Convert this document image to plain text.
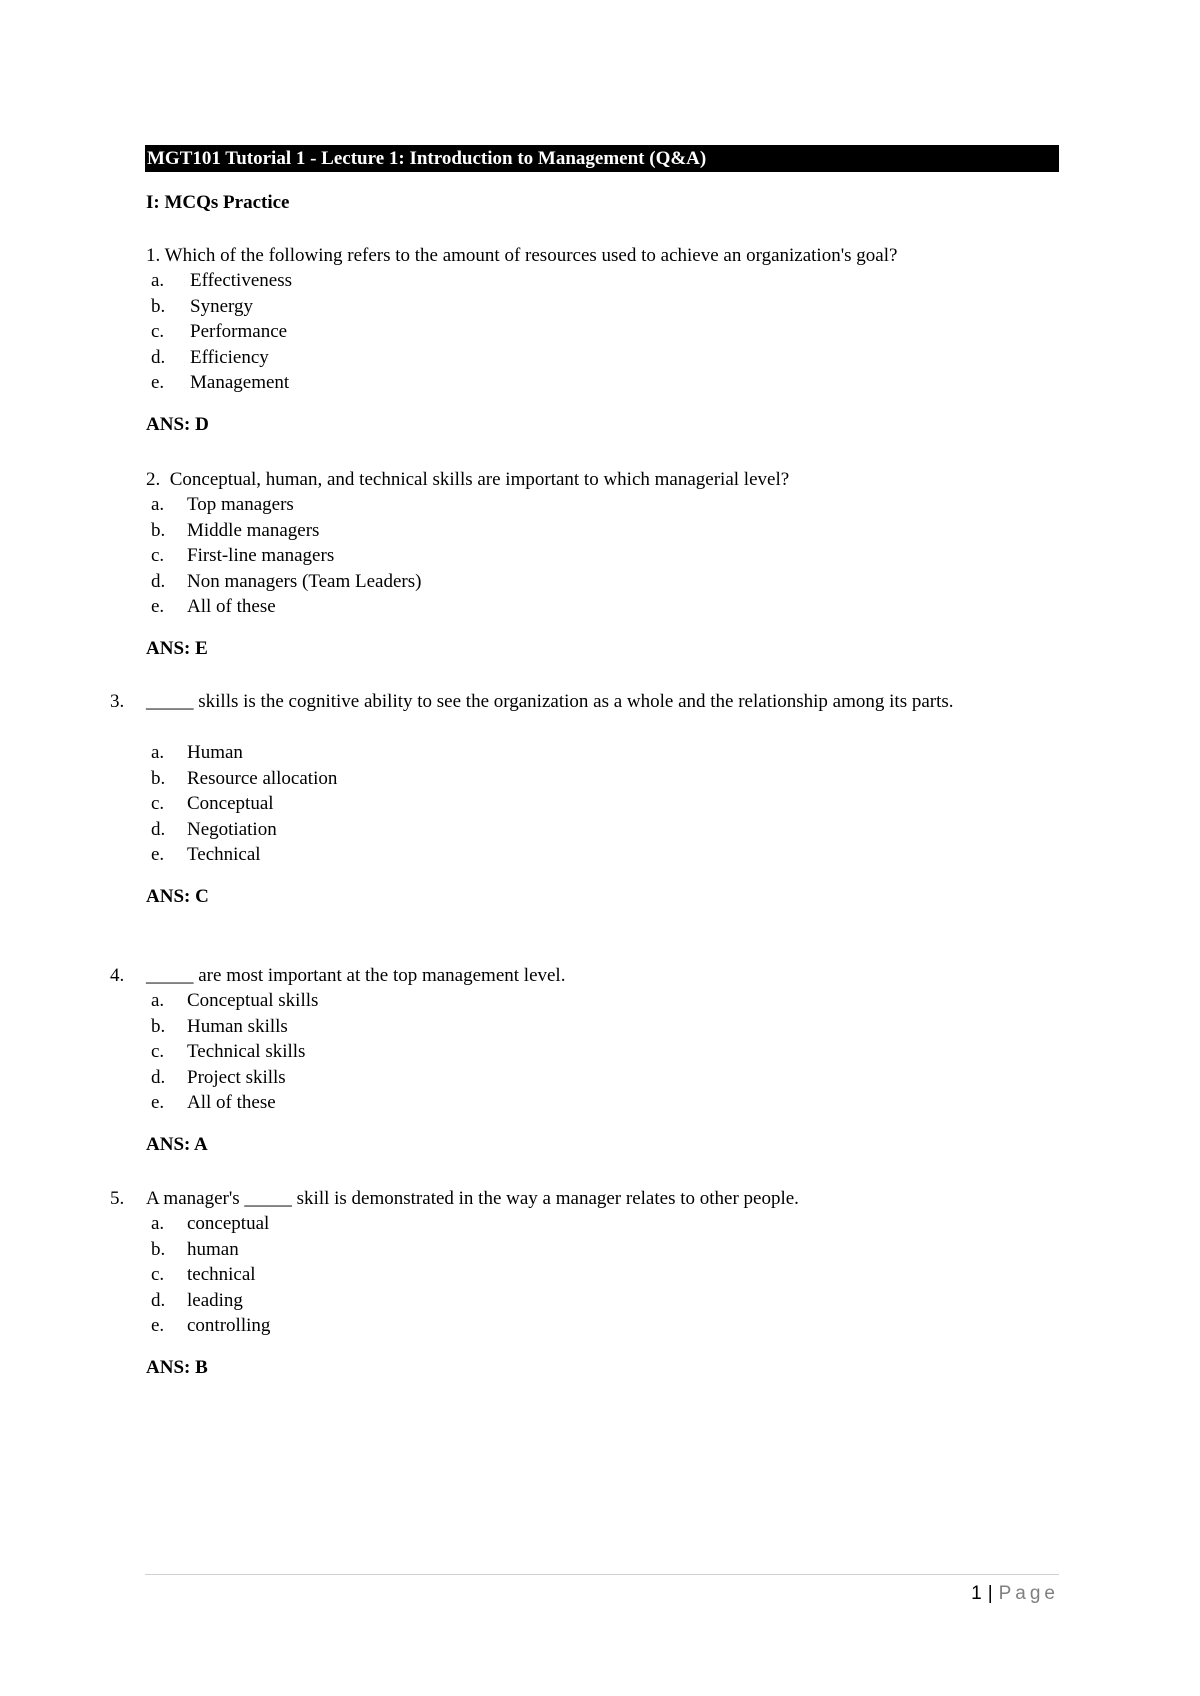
MGT101 Tutorial 1 - Lecture 1: Introduction to Management (Q&A)
I: MCQs Practice
1. Which of the following refers to the amount of resources used to achieve an organization's goal?
a. Effectiveness
b. Synergy
c. Performance
d. Efficiency
e. Management
ANS: D
2. Conceptual, human, and technical skills are important to which managerial level?
a. Top managers
b. Middle managers
c. First-line managers
d. Non managers (Team Leaders)
e. All of these
ANS: E
3. _____ skills is the cognitive ability to see the organization as a whole and the relationship among its parts.
a. Human
b. Resource allocation
c. Conceptual
d. Negotiation
e. Technical
ANS: C
4. _____ are most important at the top management level.
a. Conceptual skills
b. Human skills
c. Technical skills
d. Project skills
e. All of these
ANS: A
5. A manager's _____ skill is demonstrated in the way a manager relates to other people.
a. conceptual
b. human
c. technical
d. leading
e. controlling
ANS: B
1 | Page
